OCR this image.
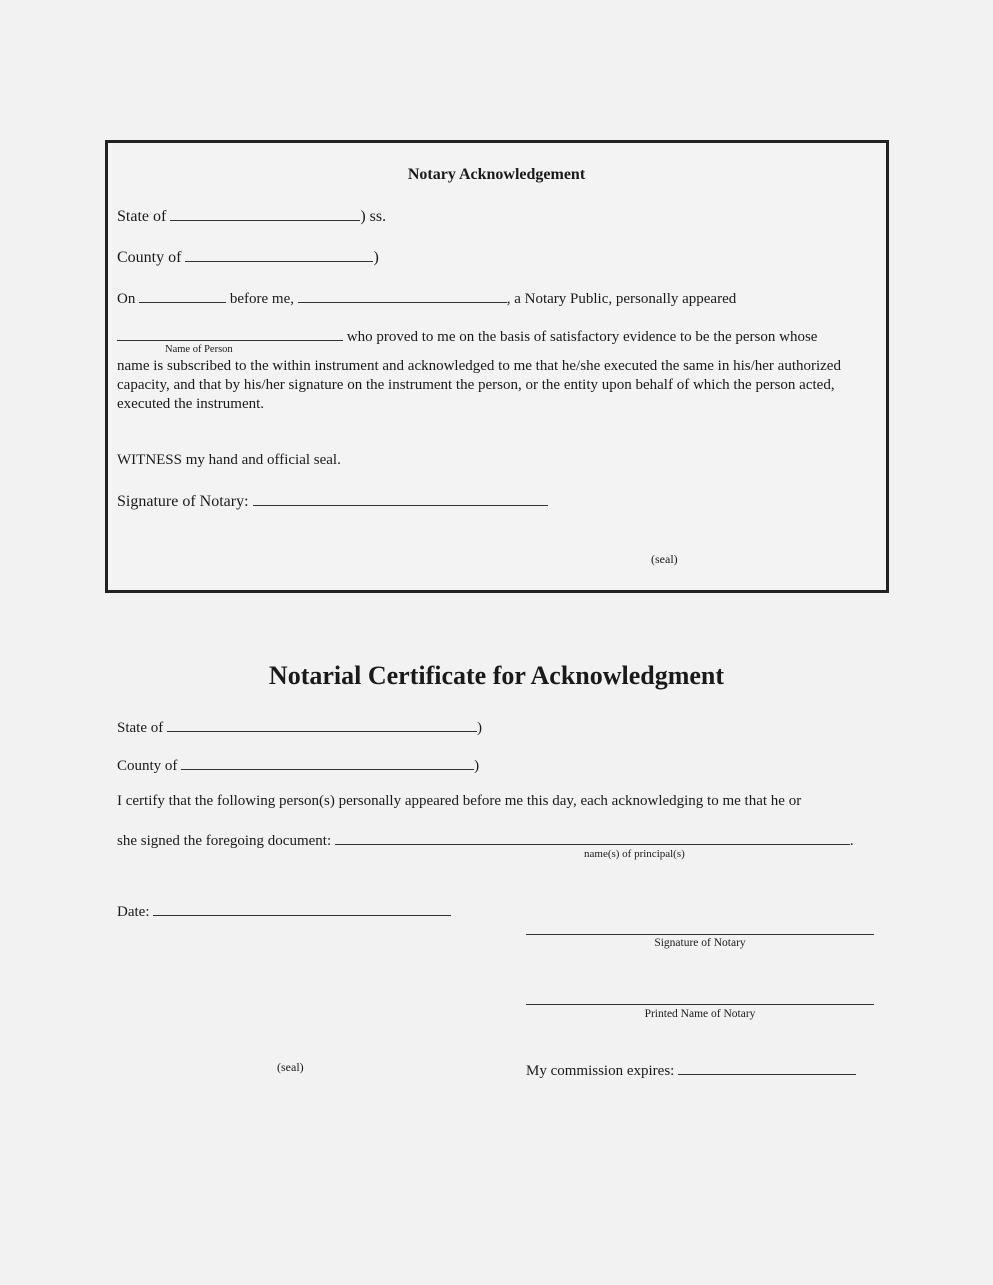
Notary Acknowledgement
State of	) ss.
County of	)
On	before me,	, a Notary Public, personally appeared
who proved to me on the basis of satisfactory evidence to be the person whose
Name of Person
name is subscribed to the within instrument and acknowledged to me that he/she executed the same in his/her authorized capacity, and that by his/her signature on the instrument the person, or the entity upon behalf of which the person acted, executed the instrument.
WITNESS my hand and official seal.
Signature of Notary:
(seal)
Notarial Certificate for Acknowledgment
State of	)
County of	)
I certify that the following person(s) personally appeared before me this day, each acknowledging to me that he or
she signed the foregoing document:	.
name(s) of principal(s)
Date:
Signature of Notary
Printed Name of Notary
(seal)	My commission expires:
